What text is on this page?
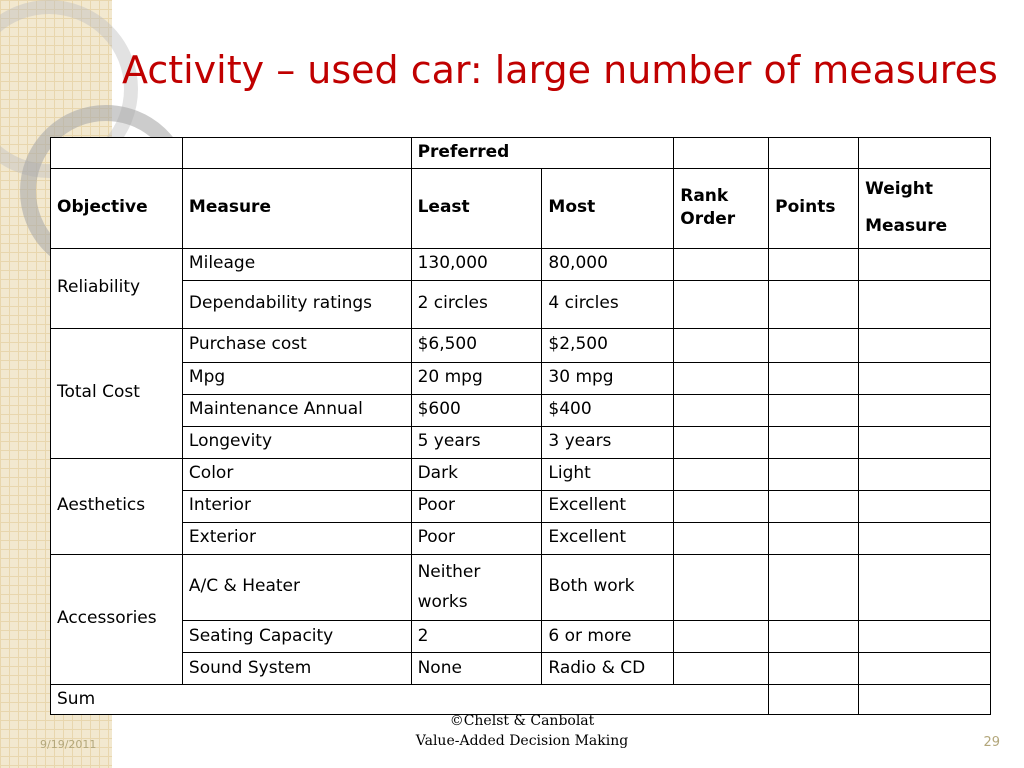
Activity – used car: large number of measures
		Preferred				
Objective	Measure	Least	Most	Rank Order	Points	Weight Measure
Reliability	Mileage	130,000	80,000			
	Dependability ratings	2 circles	4 circles			
Total Cost	Purchase cost	$6,500	$2,500			
	Mpg	20 mpg	30 mpg			
	Maintenance Annual	$600	$400			
	Longevity	5 years	3 years			
Aesthetics	Color	Dark	Light			
	Interior	Poor	Excellent			
	Exterior	Poor	Excellent			
Accessories	A/C & Heater	Neither works	Both work			
	Seating Capacity	2	6 or more			
	Sound System	None	Radio & CD			
Sum						
©Chelst & Canbolat
Value-Added Decision Making
9/19/2011	29
